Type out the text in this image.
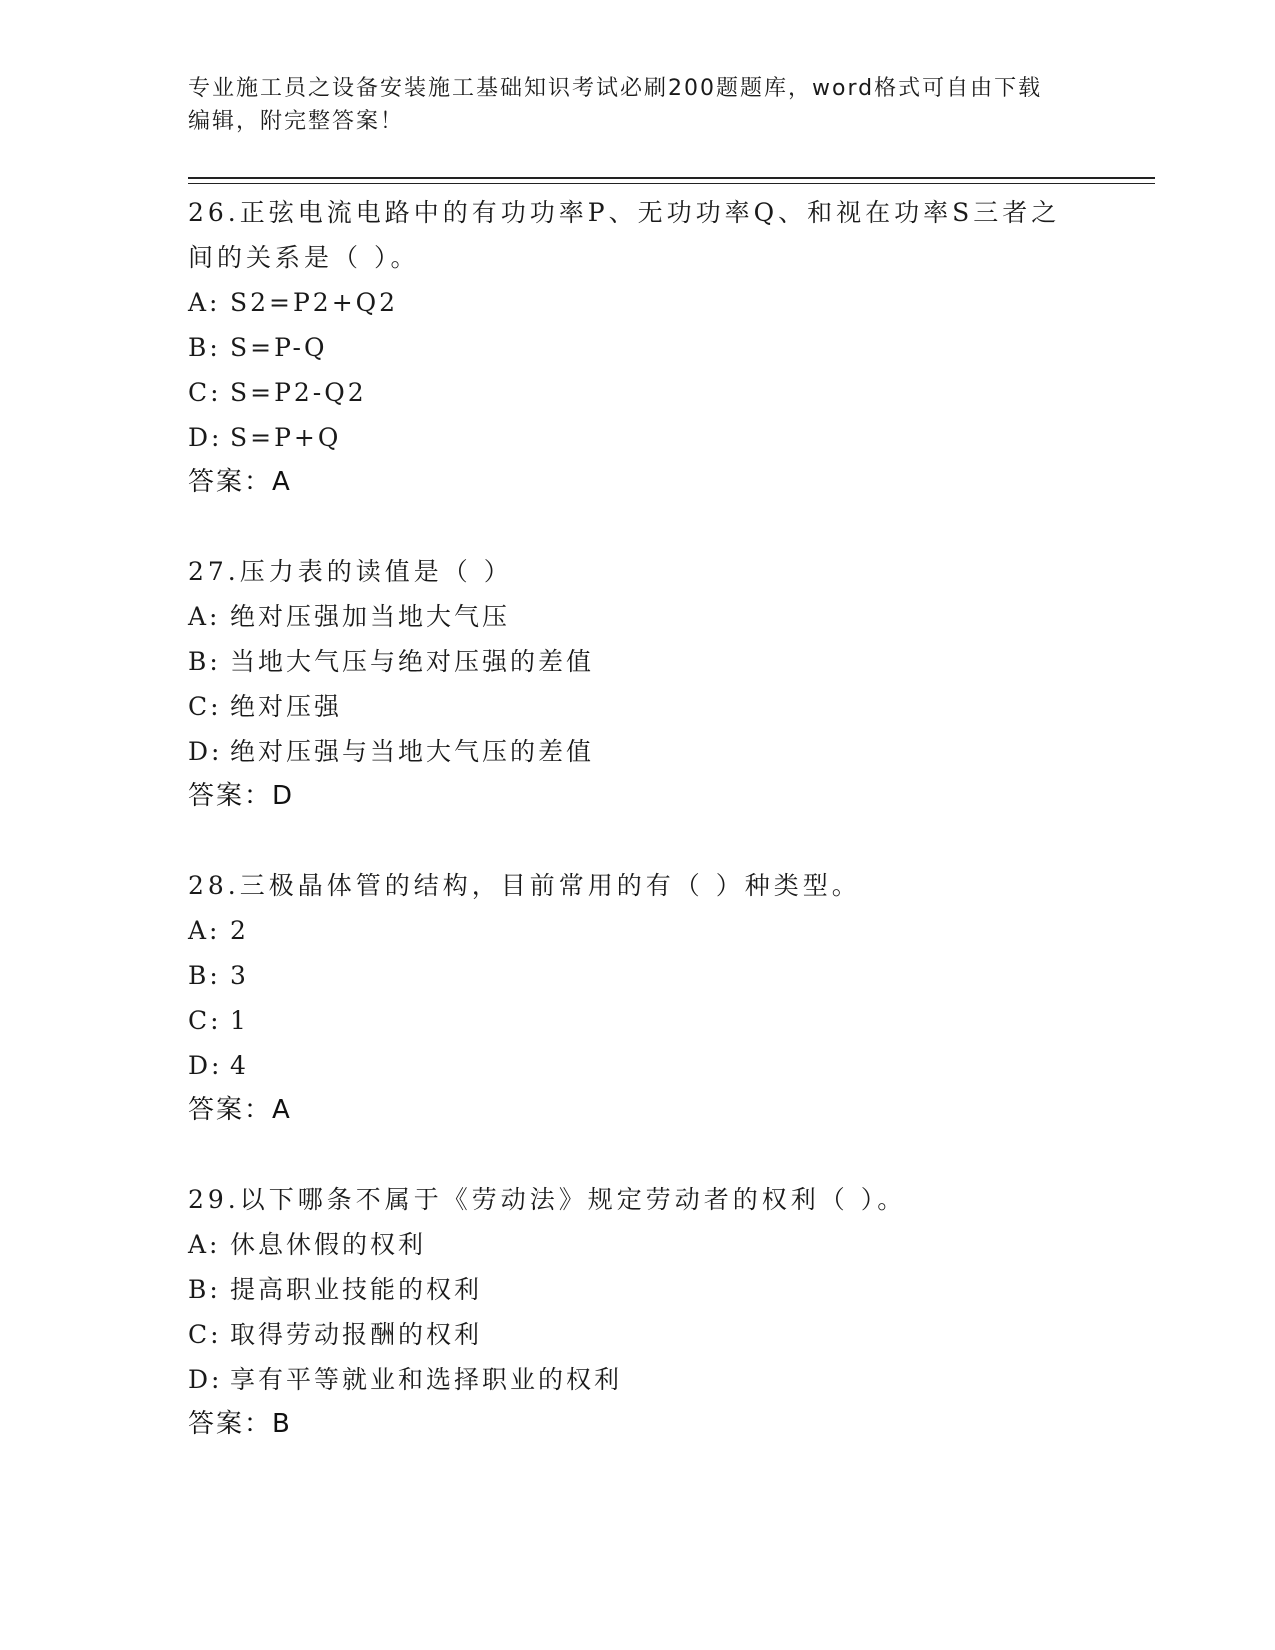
专业施工员之设备安装施工基础知识考试必刷200题题库，word格式可自由下载
编辑，附完整答案！

26.正弦电流电路中的有功功率P、无功功率Q、和视在功率S三者之
间的关系是（ ）。

A: S2=P2+Q2

B: S=P-Q

C: S=P2-Q2

D: S=P+Q

答案：A

27.压力表的读值是（ ）

A: 绝对压强加当地大气压

B: 当地大气压与绝对压强的差值

C: 绝对压强

D: 绝对压强与当地大气压的差值

答案：D

28.三极晶体管的结构，目前常用的有（ ）种类型。

A: 2

B: 3

C: 1

D: 4

答案：A

29.以下哪条不属于《劳动法》规定劳动者的权利（ ）。

A: 休息休假的权利

B: 提高职业技能的权利

C: 取得劳动报酬的权利

D: 享有平等就业和选择职业的权利

答案：B
